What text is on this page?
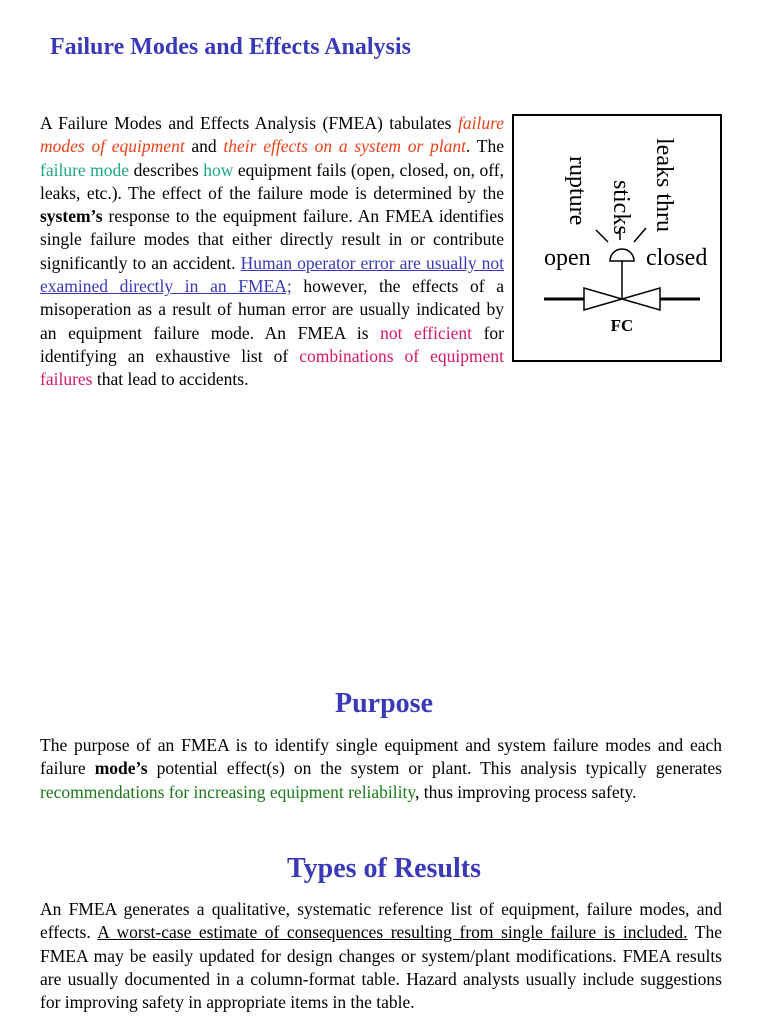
Failure Modes and Effects Analysis
rupture sticks leaks thru
open closed
FC
A Failure Modes and Effects Analysis (FMEA) tabulates failure modes of equipment and their effects on a system or plant. The failure mode describes how equipment fails (open, closed, on, off, leaks, etc.). The effect of the failure mode is determined by the system’s response to the equipment failure. An FMEA identifies single failure modes that either directly result in or contribute significantly to an accident. Human operator error are usually not examined directly in an FMEA; however, the effects of a misoperation as a result of human error are usually indicated by an equipment failure mode. An FMEA is not efficient for identifying an exhaustive list of combinations of equipment failures that lead to accidents.
Purpose
The purpose of an FMEA is to identify single equipment and system failure modes and each failure mode’s potential effect(s) on the system or plant. This analysis typically generates recommendations for increasing equipment reliability, thus improving process safety.
Types of Results
An FMEA generates a qualitative, systematic reference list of equipment, failure modes, and effects. A worst-case estimate of consequences resulting from single failure is included. The FMEA may be easily updated for design changes or system/plant modifications. FMEA results are usually documented in a column-format table. Hazard analysts usually include suggestions for improving safety in appropriate items in the table.
